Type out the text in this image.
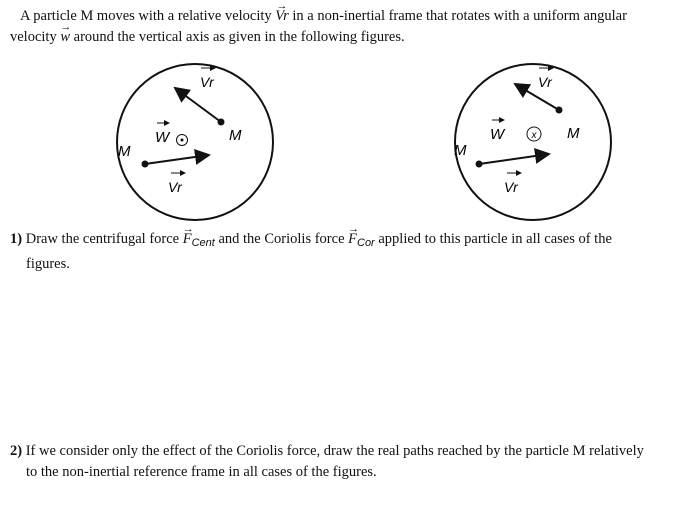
A particle M moves with a relative velocity → Vr in a non-inertial frame that rotates with a uniform angular
velocity → w around the vertical axis as given in the following figures.
W
M
M
Vr
Vr
x
W
M
M
Vr
Vr
1) Draw the centrifugal force → $F_{Cent}$ and the Coriolis force → $F_{Cor}$ applied to this particle in all cases of the
figures.
2) If we consider only the effect of the Coriolis force, draw the real paths reached by the particle M relatively
to the non-inertial reference frame in all cases of the figures.
